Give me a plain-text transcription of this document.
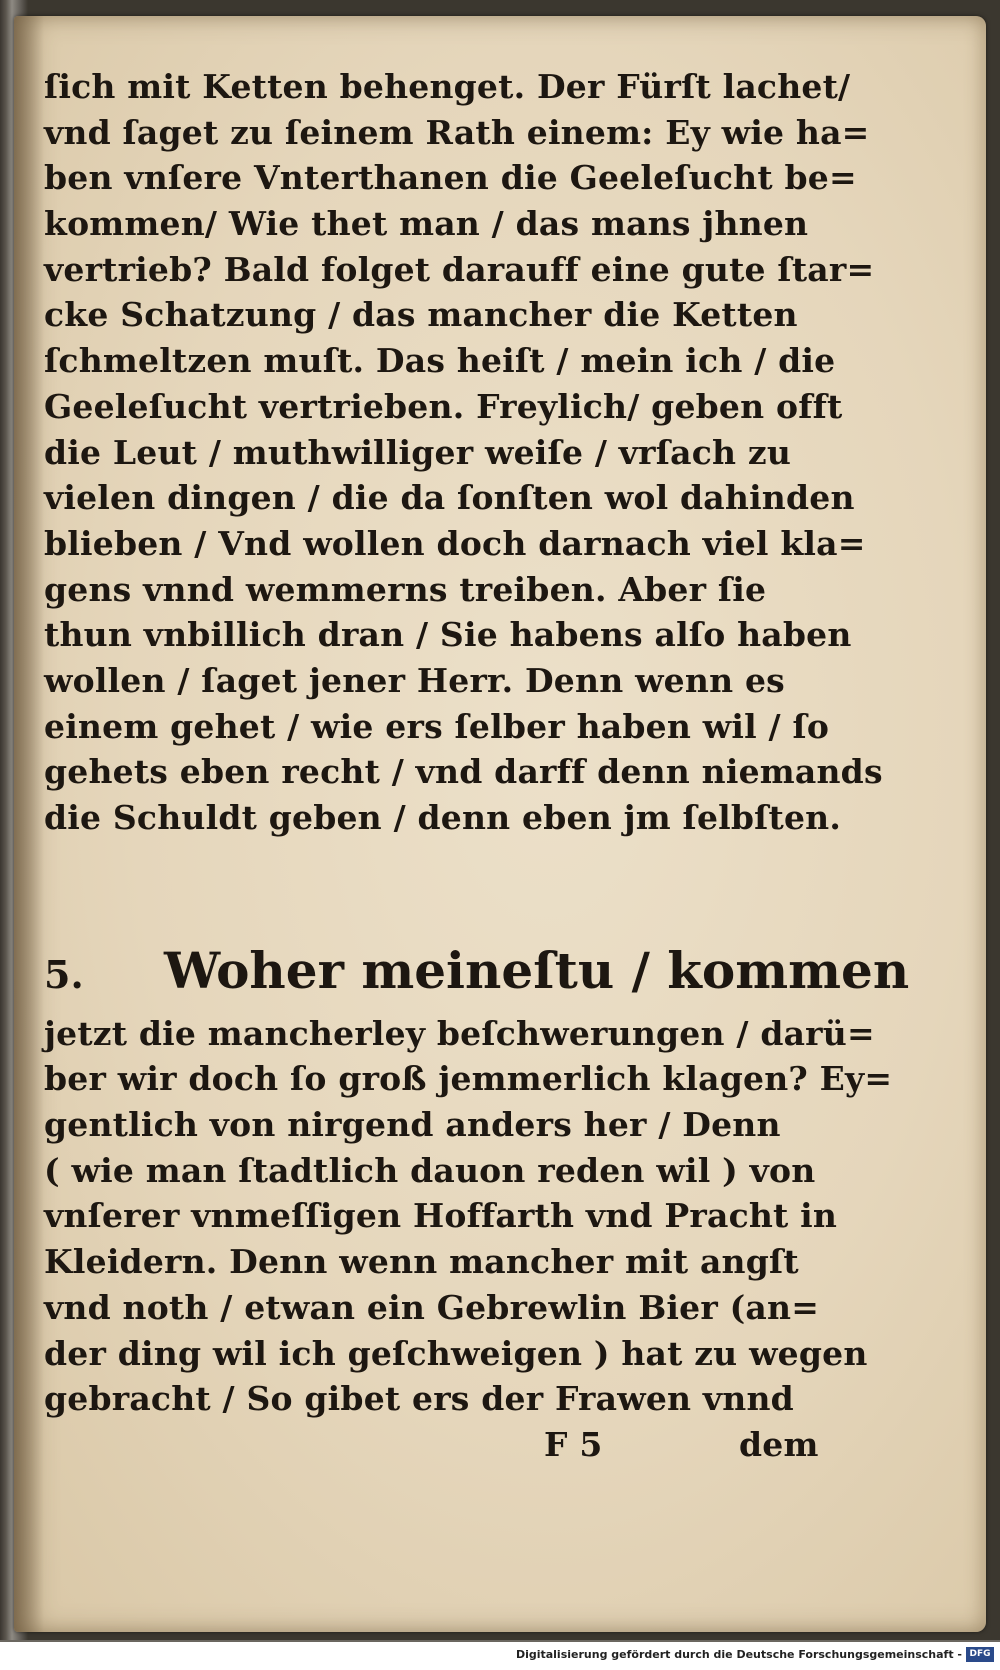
ſich mit Ketten behenget. Der Fürſt lachet/
vnd ſaget zu ſeinem Rath einem: Ey wie ha=
ben vnſere Vnterthanen die Geeleſucht be=
kommen/ Wie thet man / das mans jhnen
vertrieb? Bald folget darauff eine gute ſtar=
cke Schatzung / das mancher die Ketten
ſchmeltzen muſt. Das heiſt / mein ich / die
Geeleſucht vertrieben. Freylich/ geben offt
die Leut / muthwilliger weiſe / vrſach zu
vielen dingen / die da ſonſten wol dahinden
blieben / Vnd wollen doch darnach viel kla=
gens vnnd wemmerns treiben. Aber ſie
thun vnbillich dran / Sie habens alſo haben
wollen / ſaget jener Herr. Denn wenn es
einem gehet / wie ers ſelber haben wil / ſo
gehets eben recht / vnd darff denn niemands
die Schuldt geben / denn eben jm ſelbſten.
5. Woher meineſtu / kommen
jetzt die mancherley beſchwerungen / darü=
ber wir doch ſo groß jemmerlich klagen? Ey=
gentlich von nirgend anders her / Denn
( wie man ſtadtlich dauon reden wil ) von
vnſerer vnmeſſigen Hoffarth vnd Pracht in
Kleidern. Denn wenn mancher mit angſt
vnd noth / etwan ein Gebrewlin Bier (an=
der ding wil ich geſchweigen ) hat zu wegen
gebracht / So gibet ers der Frawen vnnd
F 5	dem
Digitalisierung gefördert durch die Deutsche Forschungsgemeinschaft - DFG
